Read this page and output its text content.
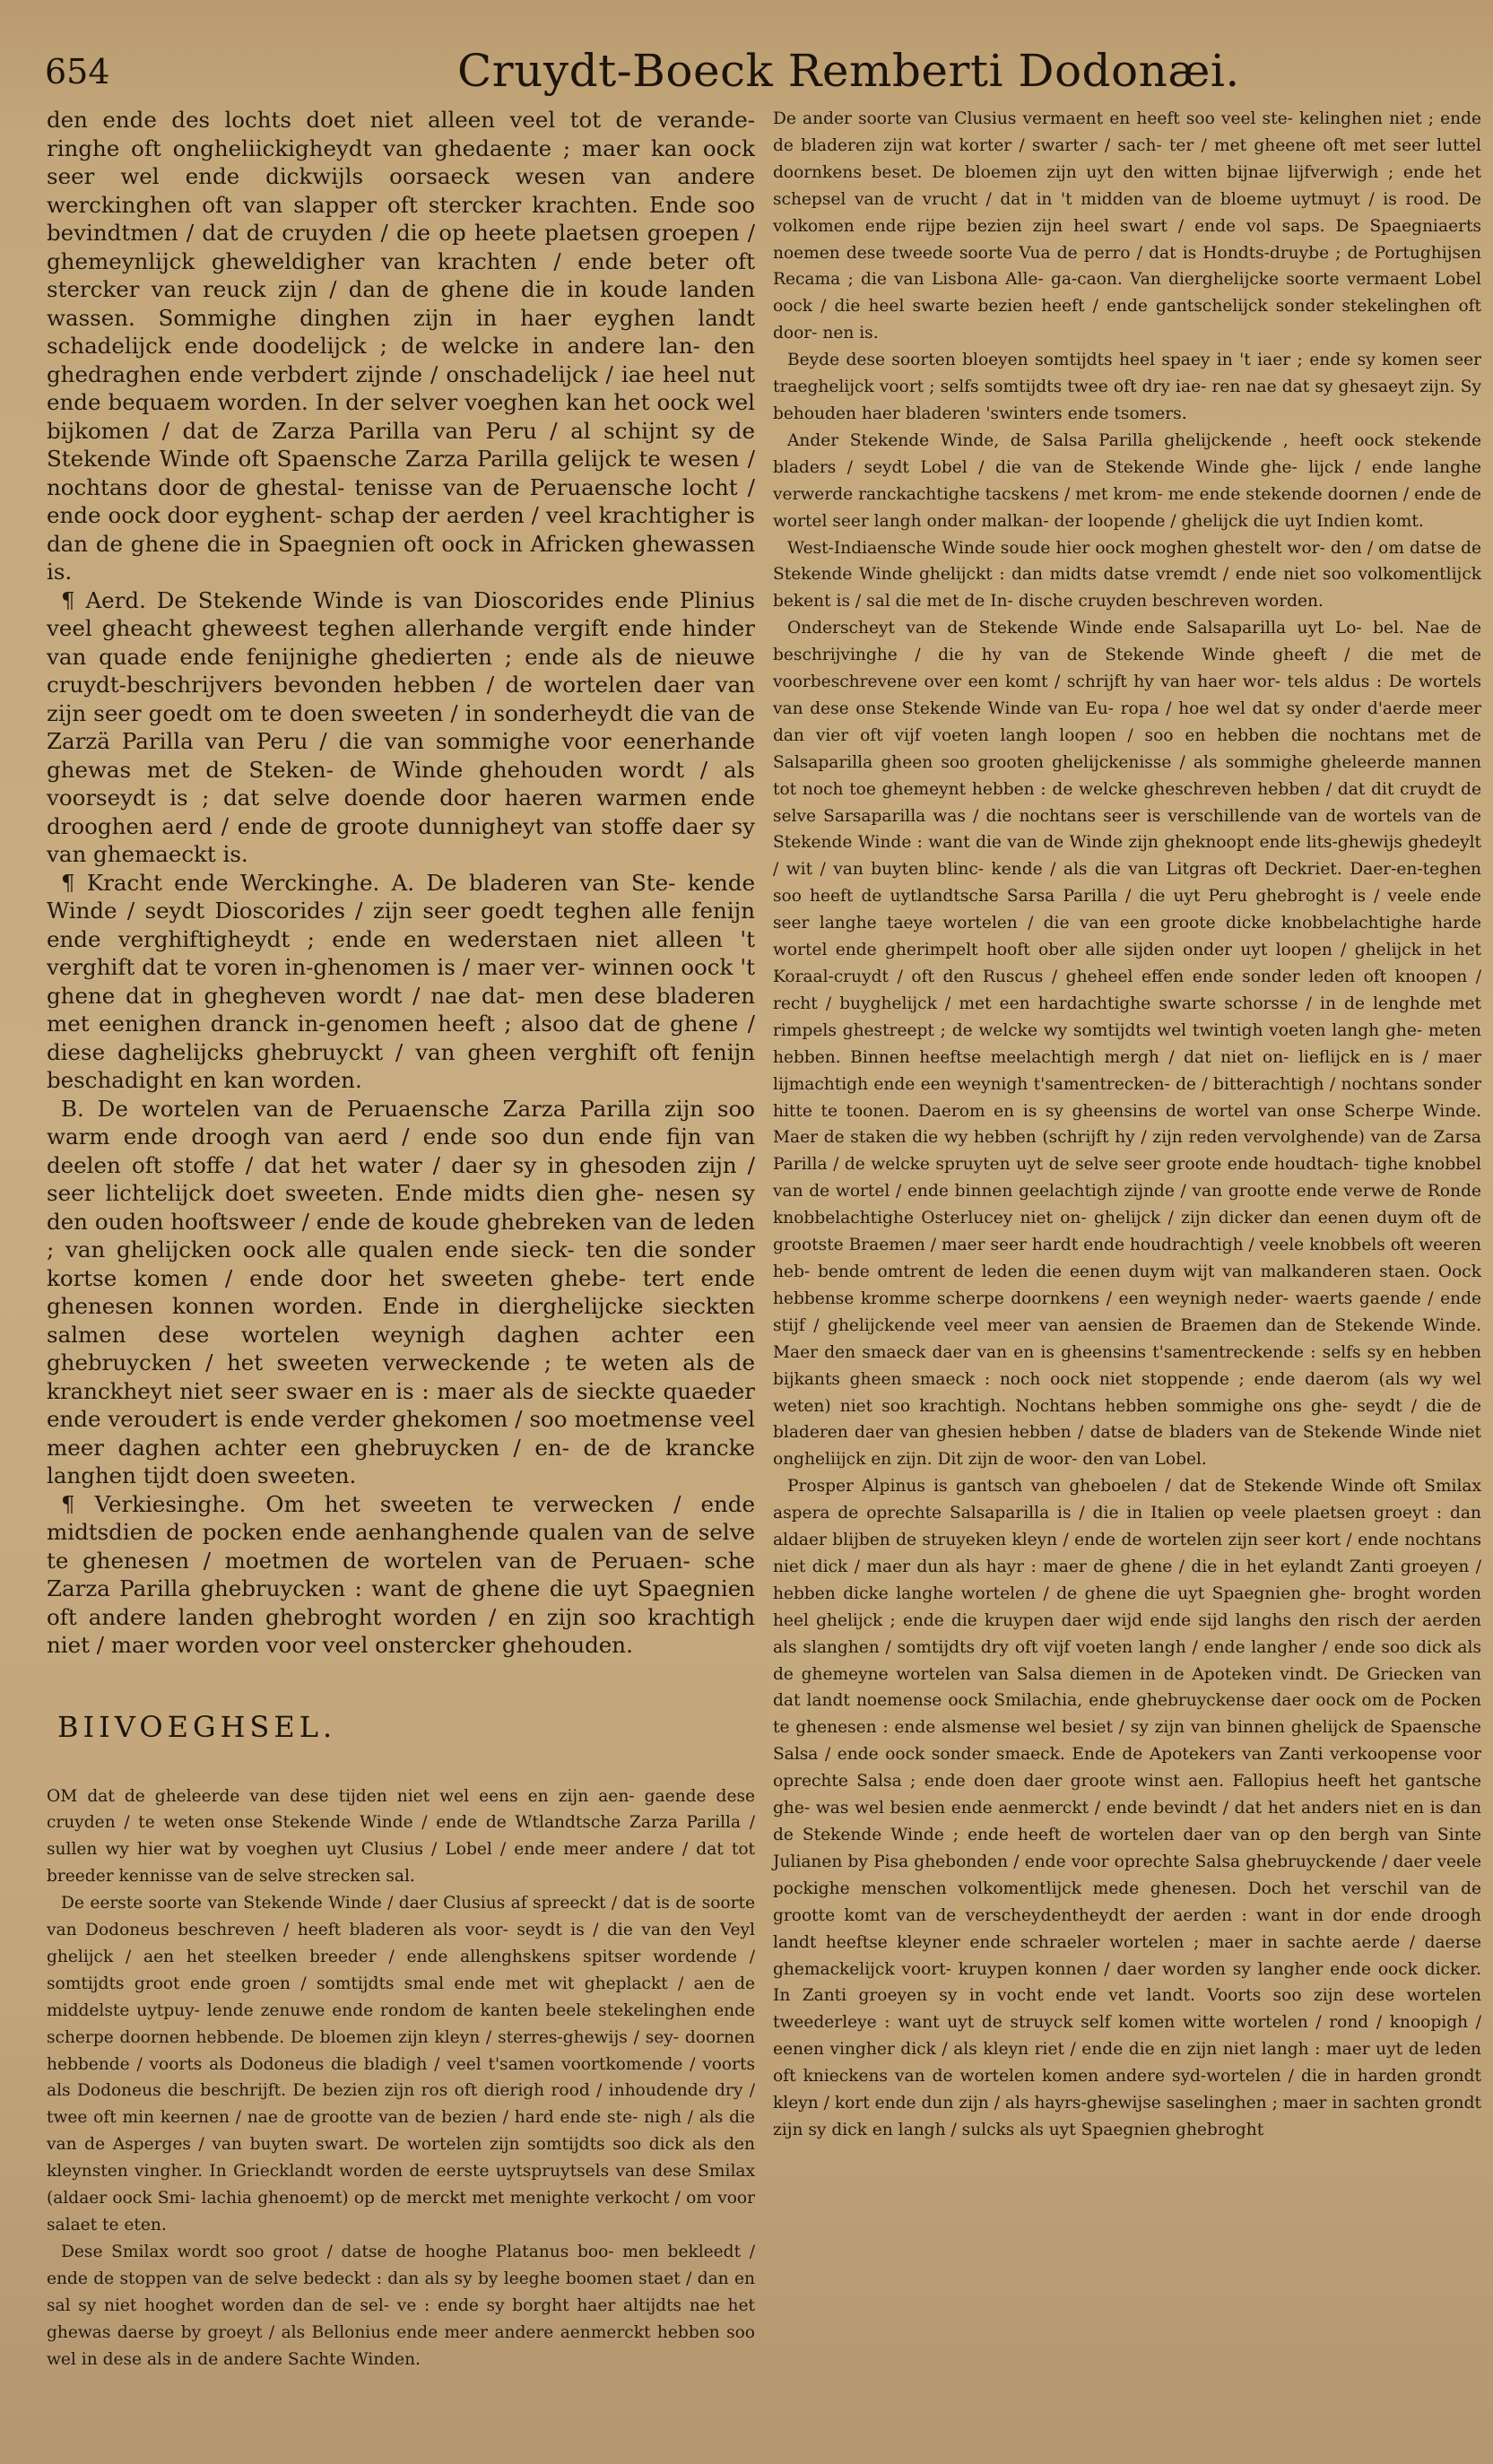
654	Cruydt-Boeck Remberti Dodonæi.

den ende des lochts doet niet alleen veel tot de verande- ringhe oft ongheliickigheydt van ghedaente ; maer kan oock seer wel ende dickwijls oorsaeck wesen van andere werckinghen oft van slapper oft stercker krachten. Ende soo bevindtmen / dat de cruyden / die op heete plaetsen groepen / ghemeynlijck gheweldigher van krachten / ende beter oft stercker van reuck zijn / dan de ghene die in koude landen wassen. Sommighe dinghen zijn in haer eyghen landt schadelijck ende doodelijck ; de welcke in andere lan- den ghedraghen ende verbdert zijnde / onschadelijck / iae heel nut ende bequaem worden. In der selver voeghen kan het oock wel bijkomen / dat de Zarza Parilla van Peru / al schijnt sy de Stekende Winde oft Spaensche Zarza Parilla gelijck te wesen / nochtans door de ghestal- tenisse van de Peruaensche locht / ende oock door eyghent- schap der aerden / veel krachtigher is dan de ghene die in Spaegnien oft oock in Africken ghewassen is.

¶ Aerd. De Stekende Winde is van Dioscorides ende Plinius veel gheacht gheweest teghen allerhande vergift ende hinder van quade ende fenijnighe ghedierten ; ende als de nieuwe cruydt-beschrijvers bevonden hebben / de wortelen daer van zijn seer goedt om te doen sweeten / in sonderheydt die van de Zarzä Parilla van Peru / die van sommighe voor eenerhande ghewas met de Steken- de Winde ghehouden wordt / als voorseydt is ; dat selve doende door haeren warmen ende drooghen aerd / ende de groote dunnigheyt van stoffe daer sy van ghemaeckt is.

¶ Kracht ende Werckinghe. A. De bladeren van Ste- kende Winde / seydt Dioscorides / zijn seer goedt teghen alle fenijn ende verghiftigheydt ; ende en wederstaen niet alleen 't verghift dat te voren in-ghenomen is / maer ver- winnen oock 't ghene dat in ghegheven wordt / nae dat- men dese bladeren met eenighen dranck in-genomen heeft ; alsoo dat de ghene / diese daghelijcks ghebruyckt / van gheen verghift oft fenijn beschadight en kan worden.

B. De wortelen van de Peruaensche Zarza Parilla zijn soo warm ende droogh van aerd / ende soo dun ende fijn van deelen oft stoffe / dat het water / daer sy in ghesoden zijn / seer lichtelijck doet sweeten. Ende midts dien ghe- nesen sy den ouden hooftsweer / ende de koude ghebreken van de leden ; van ghelijcken oock alle qualen ende sieck- ten die sonder kortse komen / ende door het sweeten ghebe- tert ende ghenesen konnen worden. Ende in dierghelijcke sieckten salmen dese wortelen weynigh daghen achter een ghebruycken / het sweeten verweckende ; te weten als de kranckheyt niet seer swaer en is : maer als de sieckte quaeder ende veroudert is ende verder ghekomen / soo moetmense veel meer daghen achter een ghebruycken / en- de de krancke langhen tijdt doen sweeten.

¶ Verkiesinghe. Om het sweeten te verwecken / ende midtsdien de pocken ende aenhanghende qualen van de selve te ghenesen / moetmen de wortelen van de Peruaen- sche Zarza Parilla ghebruycken : want de ghene die uyt Spaegnien oft andere landen ghebroght worden / en zijn soo krachtigh niet / maer worden voor veel onstercker ghehouden.

BIIVOEGHSEL.

OM dat de gheleerde van dese tijden niet wel eens en zijn aen- gaende dese cruyden / te weten onse Stekende Winde / ende de Wtlandtsche Zarza Parilla / sullen wy hier wat by voeghen uyt Clusius / Lobel / ende meer andere / dat tot breeder kennisse van de selve strecken sal.

De eerste soorte van Stekende Winde / daer Clusius af spreeckt / dat is de soorte van Dodoneus beschreven / heeft bladeren als voor- seydt is / die van den Veyl ghelijck / aen het steelken breeder / ende allenghskens spitser wordende / somtijdts groot ende groen / somtijdts smal ende met wit gheplackt / aen de middelste uytpuy- lende zenuwe ende rondom de kanten beele stekelinghen ende scherpe doornen hebbende. De bloemen zijn kleyn / sterres-ghewijs / sey- doornen hebbende / voorts als Dodoneus die bladigh / veel t'samen voortkomende / voorts als Dodoneus die beschrijft. De bezien zijn ros oft dierigh rood / inhoudende dry / twee oft min keernen / nae de grootte van de bezien / hard ende ste- nigh / als die van de Asperges / van buyten swart. De wortelen zijn somtijdts soo dick als den kleynsten vingher. In Griecklandt worden de eerste uytspruytsels van dese Smilax (aldaer oock Smi- lachia ghenoemt) op de merckt met menighte verkocht / om voor salaet te eten.

Dese Smilax wordt soo groot / datse de hooghe Platanus boo- men bekleedt / ende de stoppen van de selve bedeckt : dan als sy by leeghe boomen staet / dan en sal sy niet hooghet worden dan de sel- ve : ende sy borght haer altijdts nae het ghewas daerse by groeyt / als Bellonius ende meer andere aenmerckt hebben soo wel in dese als in de andere Sachte Winden.

De ander soorte van Clusius vermaent en heeft soo veel ste- kelinghen niet ; ende de bladeren zijn wat korter / swarter / sach- ter / met gheene oft met seer luttel doornkens beset. De bloemen zijn uyt den witten bijnae lijfverwigh ; ende het schepsel van de vrucht / dat in 't midden van de bloeme uytmuyt / is rood. De volkomen ende rijpe bezien zijn heel swart / ende vol saps. De Spaegniaerts noemen dese tweede soorte Vua de perro / dat is Hondts-druybe ; de Portughijsen Recama ; die van Lisbona Alle- ga-caon. Van dierghelijcke soorte vermaent Lobel oock / die heel swarte bezien heeft / ende gantschelijck sonder stekelinghen oft door- nen is.

Beyde dese soorten bloeyen somtijdts heel spaey in 't iaer ; ende sy komen seer traeghelijck voort ; selfs somtijdts twee oft dry iae- ren nae dat sy ghesaeyt zijn. Sy behouden haer bladeren 'swinters ende tsomers.

Ander Stekende Winde, de Salsa Parilla ghelijckende , heeft oock stekende bladers / seydt Lobel / die van de Stekende Winde ghe- lijck / ende langhe verwerde ranckachtighe tacskens / met krom- me ende stekende doornen / ende de wortel seer langh onder malkan- der loopende / ghelijck die uyt Indien komt.

West-Indiaensche Winde soude hier oock moghen ghestelt wor- den / om datse de Stekende Winde ghelijckt : dan midts datse vremdt / ende niet soo volkomentlijck bekent is / sal die met de In- dische cruyden beschreven worden.

Onderscheyt van de Stekende Winde ende Salsaparilla uyt Lo- bel. Nae de beschrijvinghe / die hy van de Stekende Winde gheeft / die met de voorbeschrevene over een komt / schrijft hy van haer wor- tels aldus : De wortels van dese onse Stekende Winde van Eu- ropa / hoe wel dat sy onder d'aerde meer dan vier oft vijf voeten langh loopen / soo en hebben die nochtans met de Salsaparilla gheen soo grooten ghelijckenisse / als sommighe gheleerde mannen tot noch toe ghemeynt hebben : de welcke gheschreven hebben / dat dit cruydt de selve Sarsaparilla was / die nochtans seer is verschillende van de wortels van de Stekende Winde : want die van de Winde zijn gheknoopt ende lits-ghewijs ghedeylt / wit / van buyten blinc- kende / als die van Litgras oft Deckriet. Daer-en-teghen soo heeft de uytlandtsche Sarsa Parilla / die uyt Peru ghebroght is / veele ende seer langhe taeye wortelen / die van een groote dicke knobbelachtighe harde wortel ende gherimpelt hooft ober alle sijden onder uyt loopen / ghelijck in het Koraal-cruydt / oft den Ruscus / gheheel effen ende sonder leden oft knoopen / recht / buyghelijck / met een hardachtighe swarte schorsse / in de lenghde met rimpels ghestreept ; de welcke wy somtijdts wel twintigh voeten langh ghe- meten hebben. Binnen heeftse meelachtigh mergh / dat niet on- lieflijck en is / maer lijmachtigh ende een weynigh t'samentrecken- de / bitterachtigh / nochtans sonder hitte te toonen. Daerom en is sy gheensins de wortel van onse Scherpe Winde. Maer de staken die wy hebben (schrijft hy / zijn reden vervolghende) van de Zarsa Parilla / de welcke spruyten uyt de selve seer groote ende houdtach- tighe knobbel van de wortel / ende binnen geelachtigh zijnde / van grootte ende verwe de Ronde knobbelachtighe Osterlucey niet on- ghelijck / zijn dicker dan eenen duym oft de grootste Braemen / maer seer hardt ende houdrachtigh / veele knobbels oft weeren heb- bende omtrent de leden die eenen duym wijt van malkanderen staen. Oock hebbense kromme scherpe doornkens / een weynigh neder- waerts gaende / ende stijf / ghelijckende veel meer van aensien de Braemen dan de Stekende Winde. Maer den smaeck daer van en is gheensins t'samentreckende : selfs sy en hebben bijkants gheen smaeck : noch oock niet stoppende ; ende daerom (als wy wel weten) niet soo krachtigh. Nochtans hebben sommighe ons ghe- seydt / die de bladeren daer van ghesien hebben / datse de bladers van de Stekende Winde niet ongheliijck en zijn. Dit zijn de woor- den van Lobel.

Prosper Alpinus is gantsch van gheboelen / dat de Stekende Winde oft Smilax aspera de oprechte Salsaparilla is / die in Italien op veele plaetsen groeyt : dan aldaer blijben de struyeken kleyn / ende de wortelen zijn seer kort / ende nochtans niet dick / maer dun als hayr : maer de ghene / die in het eylandt Zanti groeyen / hebben dicke langhe wortelen / de ghene die uyt Spaegnien ghe- broght worden heel ghelijck ; ende die kruypen daer wijd ende sijd langhs den risch der aerden als slanghen / somtijdts dry oft vijf voeten langh / ende langher / ende soo dick als de ghemeyne wortelen van Salsa diemen in de Apoteken vindt. De Griecken van dat landt noemense oock Smilachia, ende ghebruyckense daer oock om de Pocken te ghenesen : ende alsmense wel besiet / sy zijn van binnen ghelijck de Spaensche Salsa / ende oock sonder smaeck. Ende de Apotekers van Zanti verkoopense voor oprechte Salsa ; ende doen daer groote winst aen. Fallopius heeft het gantsche ghe- was wel besien ende aenmerckt / ende bevindt / dat het anders niet en is dan de Stekende Winde ; ende heeft de wortelen daer van op den bergh van Sinte Julianen by Pisa ghebonden / ende voor oprechte Salsa ghebruyckende / daer veele pockighe menschen volkomentlijck mede ghenesen. Doch het verschil van de grootte komt van de verscheydentheydt der aerden : want in dor ende droogh landt heeftse kleyner ende schraeler wortelen ; maer in sachte aerde / daerse ghemackelijck voort- kruypen konnen / daer worden sy langher ende oock dicker. In Zanti groeyen sy in vocht ende vet landt. Voorts soo zijn dese wortelen tweederleye : want uyt de struyck self komen witte wortelen / rond / knoopigh / eenen vingher dick / als kleyn riet / ende die en zijn niet langh : maer uyt de leden oft knieckens van de wortelen komen andere syd-wortelen / die in harden grondt kleyn / kort ende dun zijn / als hayrs-ghewijse saselinghen ; maer in sachten grondt zijn sy dick en langh / sulcks als uyt Spaegnien ghebroght
